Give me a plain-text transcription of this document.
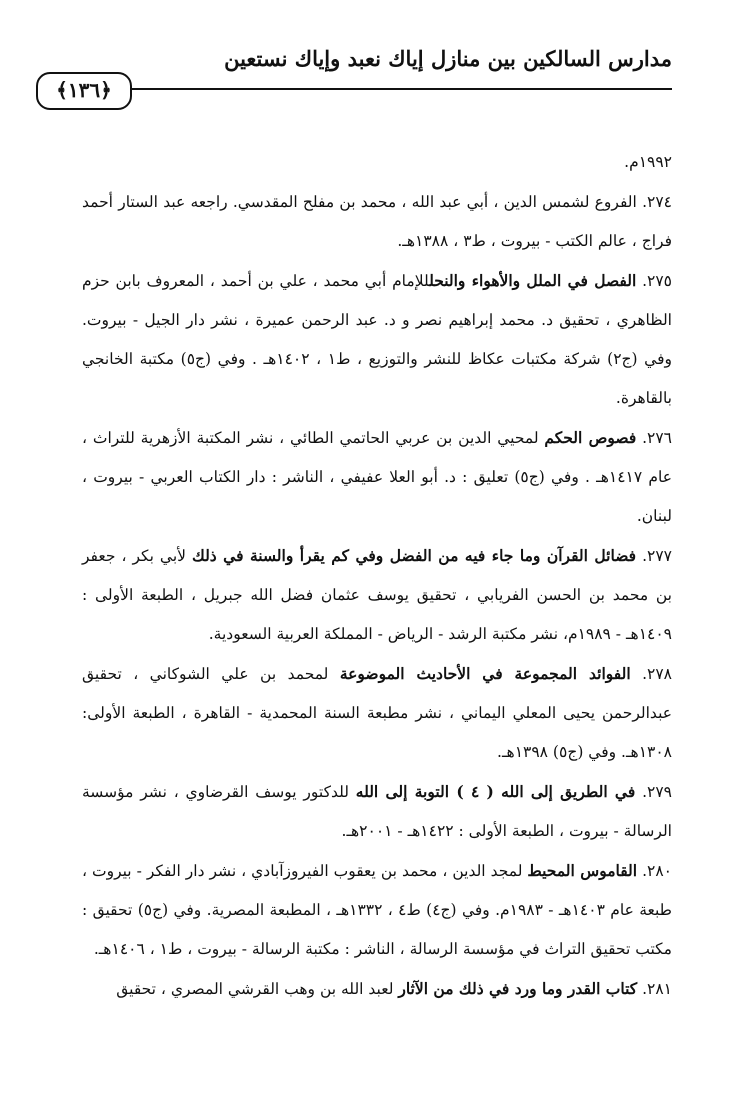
مدارس السالكين بين منازل إياك نعبد وإياك نستعين
﴿١٣٦﴾

١٩٩٢م.

٢٧٤. الفروع لشمس الدين ، أبي عبد الله ، محمد بن مفلح المقدسي. راجعه عبد الستار أحمد فراج ، عالم الكتب - بيروت ، ط٣ ، ١٣٨٨هـ.

٢٧٥. الفصل في الملل والأهواء والنحلللإمام أبي محمد ، علي بن أحمد ، المعروف بابن حزم الظاهري ، تحقيق د. محمد إبراهيم نصر و د. عبد الرحمن عميرة ، نشر دار الجيل - بيروت. وفي (ج٢) شركة مكتبات عكاظ للنشر والتوزيع ، ط١ ، ١٤٠٢هـ . وفي (ج٥) مكتبة الخانجي بالقاهرة.

٢٧٦. فصوص الحكم لمحيي الدين بن عربي الحاتمي الطائي ، نشر المكتبة الأزهرية للتراث ، عام ١٤١٧هـ . وفي (ج٥) تعليق : د. أبو العلا عفيفي ، الناشر : دار الكتاب العربي - بيروت ، لبنان.

٢٧٧. فضائل القرآن وما جاء فيه من الفضل وفي كم يقرأ والسنة في ذلك لأبي بكر ، جعفر بن محمد بن الحسن الفريابي ، تحقيق يوسف عثمان فضل الله جبريل ، الطبعة الأولى : ١٤٠٩هـ - ١٩٨٩م، نشر مكتبة الرشد - الرياض - المملكة العربية السعودية.

٢٧٨. الفوائد المجموعة في الأحاديث الموضوعة لمحمد بن علي الشوكاني ، تحقيق عبدالرحمن يحيى المعلي اليماني ، نشر مطبعة السنة المحمدية - القاهرة ، الطبعة الأولى: ١٣٠٨هـ. وفي (ج٥) ١٣٩٨هـ.

٢٧٩. في الطريق إلى الله ( ٤ ) التوبة إلى الله للدكتور يوسف القرضاوي ، نشر مؤسسة الرسالة - بيروت ، الطبعة الأولى : ١٤٢٢هـ - ٢٠٠١هـ.

٢٨٠. القاموس المحيط لمجد الدين ، محمد بن يعقوب الفيروزآبادي ، نشر دار الفكر - بيروت ، طبعة عام ١٤٠٣هـ - ١٩٨٣م. وفي (ج٤) ط٤ ، ١٣٣٢هـ ، المطبعة المصرية. وفي (ج٥) تحقيق : مكتب تحقيق التراث في مؤسسة الرسالة ، الناشر : مكتبة الرسالة - بيروت ، ط١ ، ١٤٠٦هـ.

٢٨١. كتاب القدر وما ورد في ذلك من الآثار لعبد الله بن وهب القرشي المصري ، تحقيق
